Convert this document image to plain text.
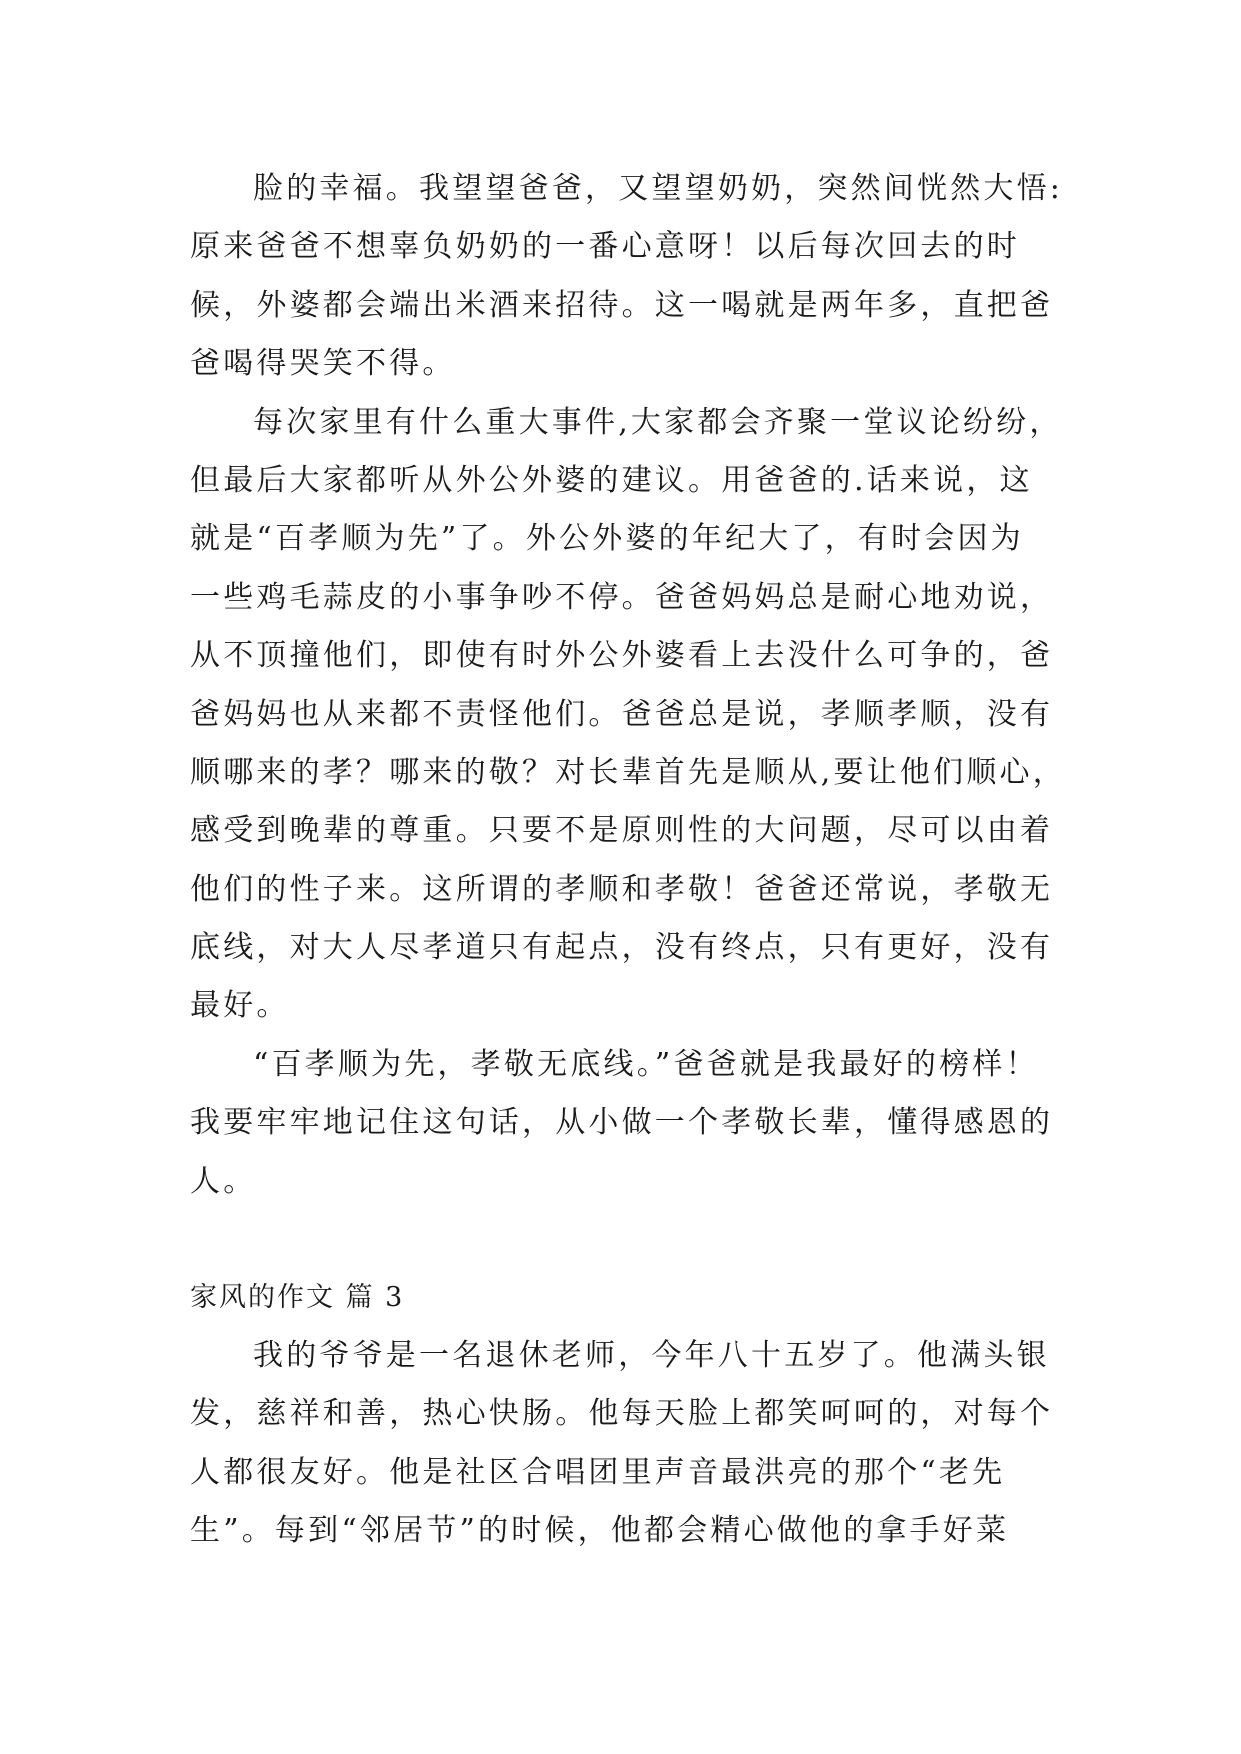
脸的幸福。我望望爸爸，又望望奶奶，突然间恍然大悟:
原来爸爸不想辜负奶奶的一番心意呀！以后每次回去的时
候，外婆都会端出米酒来招待。这一喝就是两年多，直把爸
爸喝得哭笑不得。
每次家里有什么重大事件,大家都会齐聚一堂议论纷纷，
但最后大家都听从外公外婆的建议。用爸爸的.话来说，这
就是“百孝顺为先”了。外公外婆的年纪大了，有时会因为
一些鸡毛蒜皮的小事争吵不停。爸爸妈妈总是耐心地劝说，
从不顶撞他们，即使有时外公外婆看上去没什么可争的，爸
爸妈妈也从来都不责怪他们。爸爸总是说，孝顺孝顺，没有
顺哪来的孝？哪来的敬？对长辈首先是顺从,要让他们顺心，
感受到晚辈的尊重。只要不是原则性的大问题，尽可以由着
他们的性子来。这所谓的孝顺和孝敬！爸爸还常说，孝敬无
底线，对大人尽孝道只有起点，没有终点，只有更好，没有
最好。
“百孝顺为先，孝敬无底线。”爸爸就是我最好的榜样！
我要牢牢地记住这句话，从小做一个孝敬长辈，懂得感恩的
人。
家风的作文 篇 3
我的爷爷是一名退休老师，今年八十五岁了。他满头银
发，慈祥和善，热心快肠。他每天脸上都笑呵呵的，对每个
人都很友好。他是社区合唱团里声音最洪亮的那个“老先
生”。每到“邻居节”的时候，他都会精心做他的拿手好菜
